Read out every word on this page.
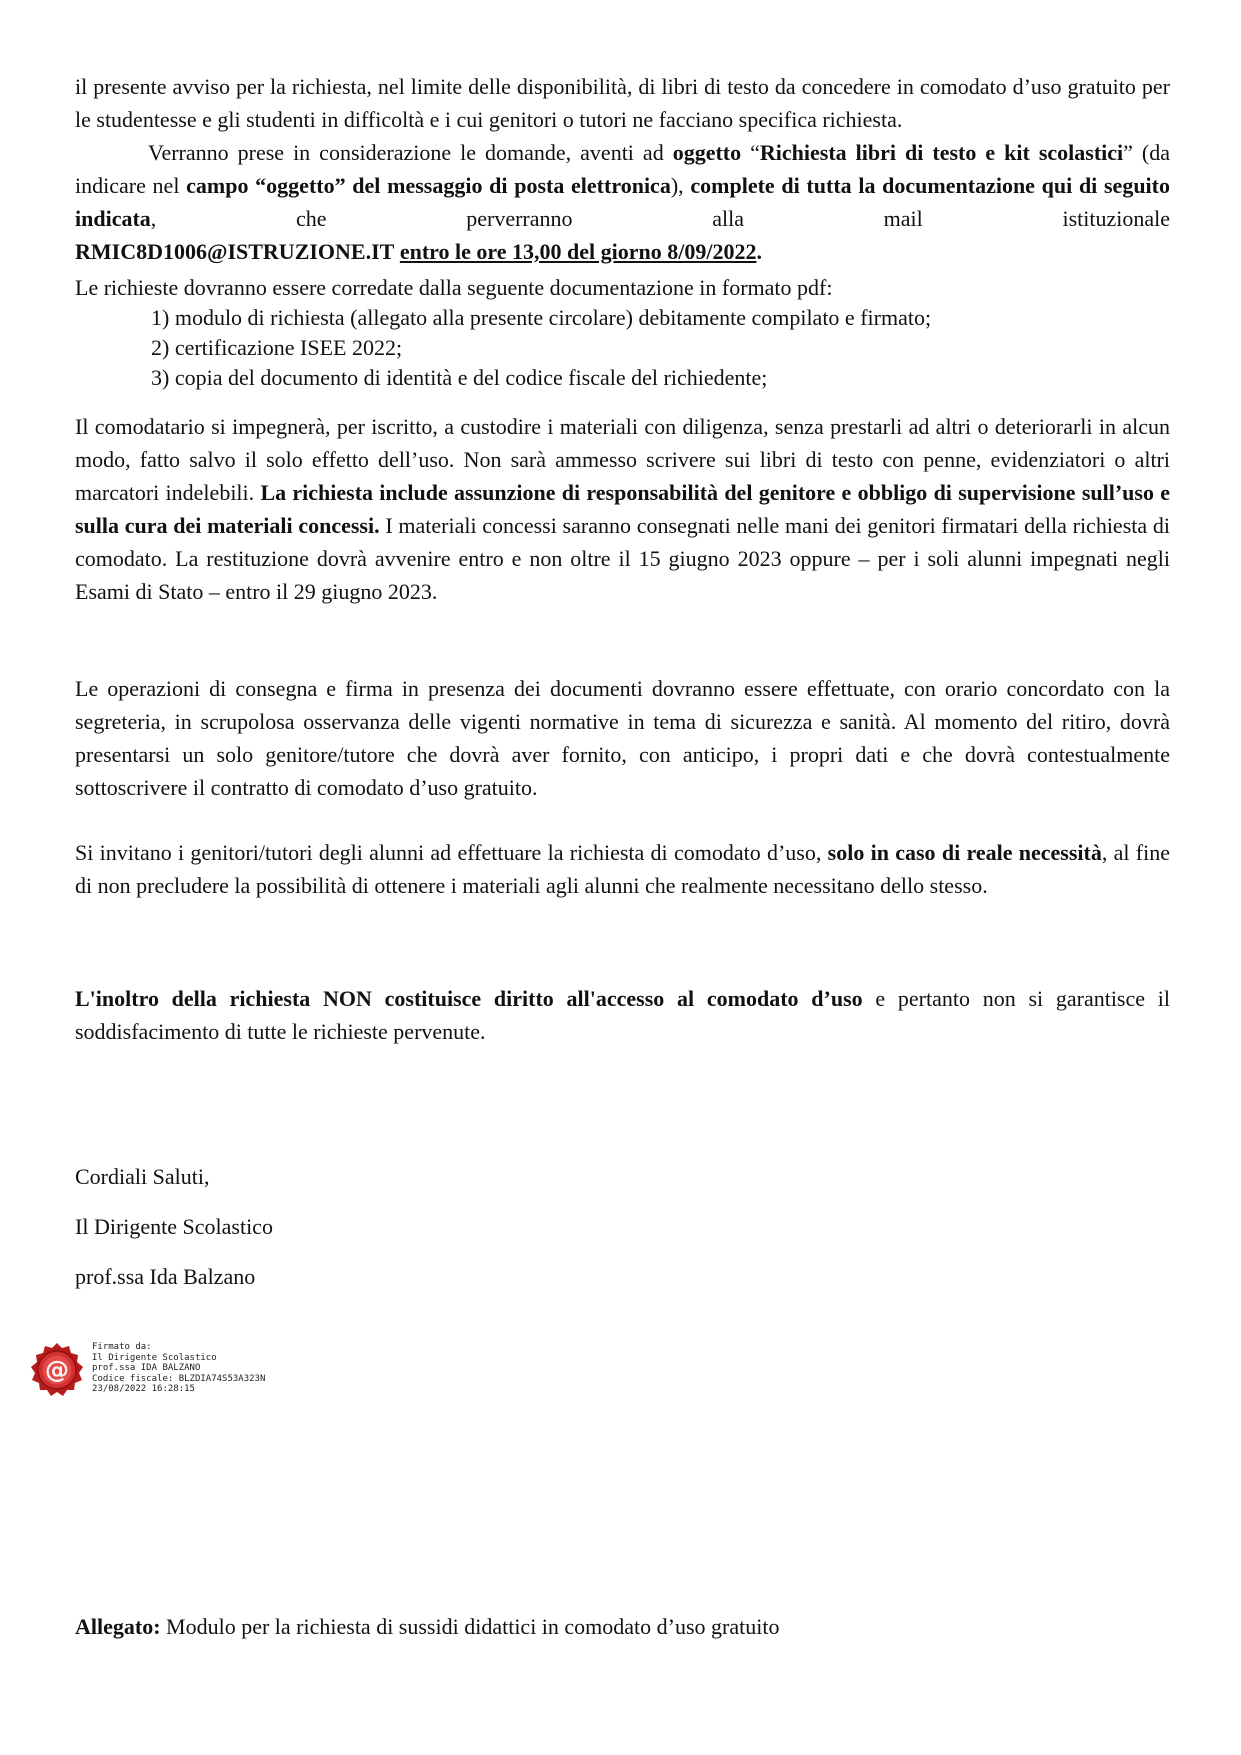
il presente avviso per la richiesta, nel limite delle disponibilità, di libri di testo da concedere in comodato d’uso gratuito per le studentesse e gli studenti in difficoltà e i cui genitori o tutori ne facciano specifica richiesta.

Verranno prese in considerazione le domande, aventi ad oggetto “Richiesta libri di testo e kit scolastici” (da indicare nel campo “oggetto” del messaggio di posta elettronica), complete di tutta la documentazione qui di seguito indicata, che perverranno alla mail istituzionale

RMIC8D1006@ISTRUZIONE.IT entro le ore 13,00 del giorno 8/09/2022.

Le richieste dovranno essere corredate dalla seguente documentazione in formato pdf:

1) modulo di richiesta (allegato alla presente circolare) debitamente compilato e firmato;
2) certificazione ISEE 2022;
3) copia del documento di identità e del codice fiscale del richiedente;

Il comodatario si impegnerà, per iscritto, a custodire i materiali con diligenza, senza prestarli ad altri o deteriorarli in alcun modo, fatto salvo il solo effetto dell’uso. Non sarà ammesso scrivere sui libri di testo con penne, evidenziatori o altri marcatori indelebili. La richiesta include assunzione di responsabilità del genitore e obbligo di supervisione sull’uso e sulla cura dei materiali concessi. I materiali concessi saranno consegnati nelle mani dei genitori firmatari della richiesta di comodato. La restituzione dovrà avvenire entro e non oltre il 15 giugno 2023 oppure – per i soli alunni impegnati negli Esami di Stato – entro il 29 giugno 2023.

Le operazioni di consegna e firma in presenza dei documenti dovranno essere effettuate, con orario concordato con la segreteria, in scrupolosa osservanza delle vigenti normative in tema di sicurezza e sanità. Al momento del ritiro, dovrà presentarsi un solo genitore/tutore che dovrà aver fornito, con anticipo, i propri dati e che dovrà contestualmente sottoscrivere il contratto di comodato d’uso gratuito.

Si invitano i genitori/tutori degli alunni ad effettuare la richiesta di comodato d’uso, solo in caso di reale necessità, al fine di non precludere la possibilità di ottenere i materiali agli alunni che realmente necessitano dello stesso.

L'inoltro della richiesta NON costituisce diritto all'accesso al comodato d’uso e pertanto non si garantisce il soddisfacimento di tutte le richieste pervenute.

Cordiali Saluti,

Il Dirigente Scolastico

prof.ssa Ida Balzano

@
Firmato da:
Il Dirigente Scolastico
prof.ssa IDA BALZANO
Codice fiscale: BLZDIA74S53A323N
23/08/2022 16:28:15

Allegato: Modulo per la richiesta di sussidi didattici in comodato d’uso gratuito
